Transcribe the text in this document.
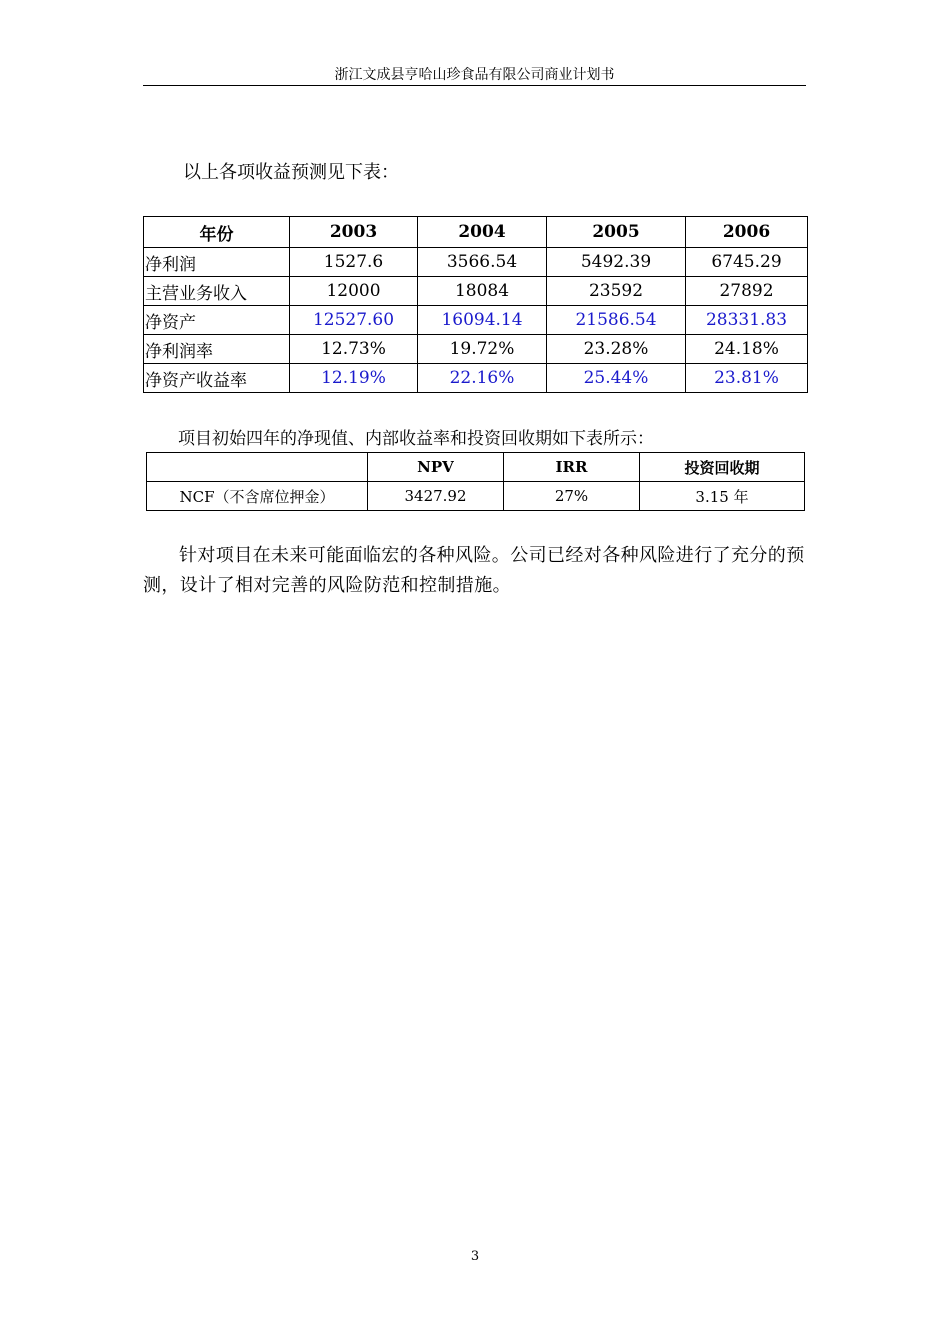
浙江文成县亨哈山珍食品有限公司商业计划书

以上各项收益预测见下表：

年份	2003	2004	2005	2006
净利润	1527.6	3566.54	5492.39	6745.29
主营业务收入	12000	18084	23592	27892
净资产	12527.60	16094.14	21586.54	28331.83
净利润率	12.73%	19.72%	23.28%	24.18%
净资产收益率	12.19%	22.16%	25.44%	23.81%

项目初始四年的净现值、内部收益率和投资回收期如下表所示：

	NPV	IRR	投资回收期
NCF（不含席位押金）	3427.92	27%	3.15 年

针对项目在未来可能面临宏的各种风险。公司已经对各种风险进行了充分的预测，设计了相对完善的风险防范和控制措施。

3
